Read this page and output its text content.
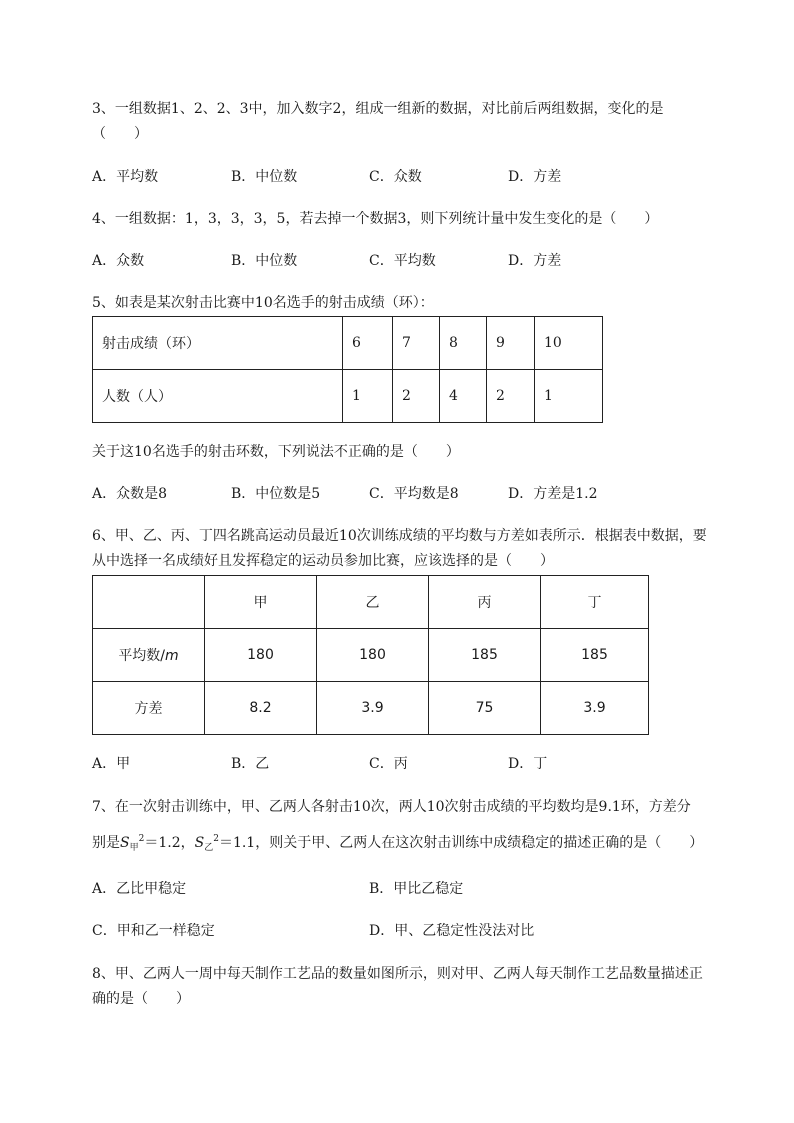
3、一组数据1、2、2、3中，加入数字2，组成一组新的数据，对比前后两组数据，变化的是
（　　）
A．平均数	B．中位数	C．众数	D．方差
4、一组数据：1，3，3，3，5，若去掉一个数据3，则下列统计量中发生变化的是（　　）
A．众数	B．中位数	C．平均数	D．方差
5、如表是某次射击比赛中10名选手的射击成绩（环）：
射击成绩（环）	6	7	8	9	10
人数（人）	1	2	4	2	1
关于这10名选手的射击环数，下列说法不正确的是（　　）
A．众数是8	B．中位数是5	C．平均数是8	D．方差是1.2
6、甲、乙、丙、丁四名跳高运动员最近10次训练成绩的平均数与方差如表所示．根据表中数据，要
从中选择一名成绩好且发挥稳定的运动员参加比赛，应该选择的是（　　）
	甲	乙	丙	丁
平均数/m	180	180	185	185
方差	8.2	3.9	75	3.9
A．甲	B．乙	C．丙	D．丁
7、在一次射击训练中，甲、乙两人各射击10次，两人10次射击成绩的平均数均是9.1环，方差分
别是$S_甲^2=1.2$，$S_乙^2=1.1$，则关于甲、乙两人在这次射击训练中成绩稳定的描述正确的是（　　）
A．乙比甲稳定	B．甲比乙稳定
C．甲和乙一样稳定	D．甲、乙稳定性没法对比
8、甲、乙两人一周中每天制作工艺品的数量如图所示，则对甲、乙两人每天制作工艺品数量描述正
确的是（　　）
